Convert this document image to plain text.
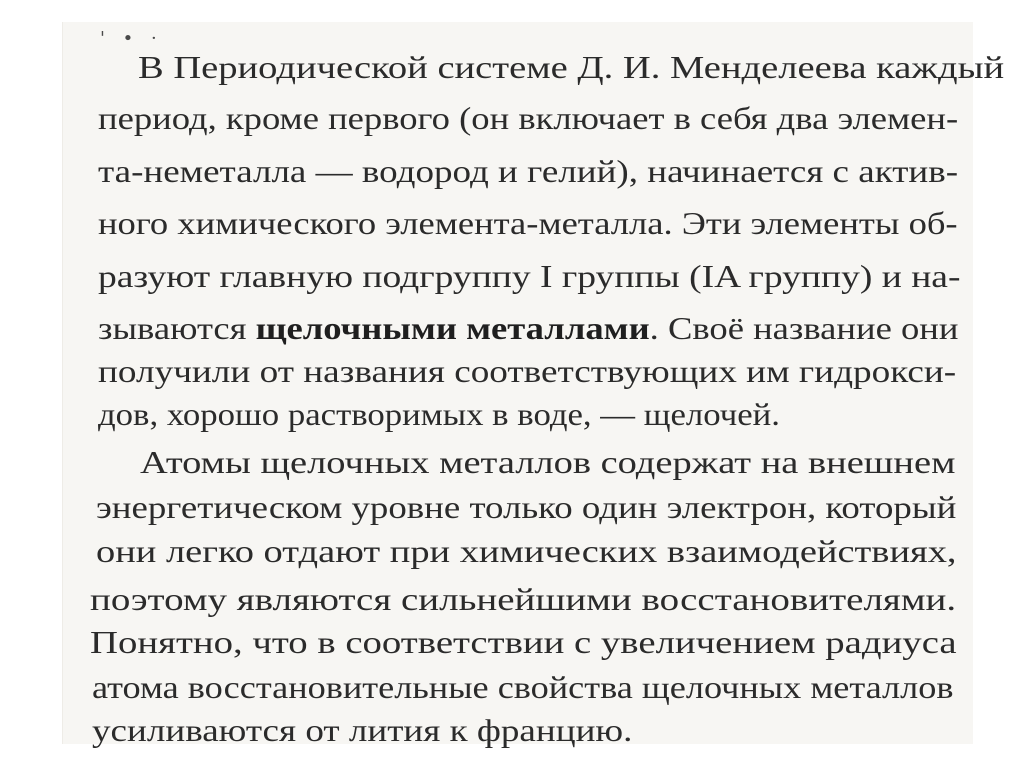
' • ·
В Периодической системе Д. И. Менделеева каждый
период, кроме первого (он включает в себя два элемен-
та-неметалла — водород и гелий), начинается с актив-
ного химического элемента-металла. Эти элементы об-
разуют главную подгруппу I группы (IA группу) и на-
зываются щелочными металлами. Своё название они
получили от названия соответствующих им гидрокси-
дов, хорошо растворимых в воде, — щелочей.
Атомы щелочных металлов содержат на внешнем
энергетическом уровне только один электрон, который
они легко отдают при химических взаимодействиях,
поэтому являются сильнейшими восстановителями.
Понятно, что в соответствии с увеличением радиуса
атома восстановительные свойства щелочных металлов
усиливаются от лития к францию.
